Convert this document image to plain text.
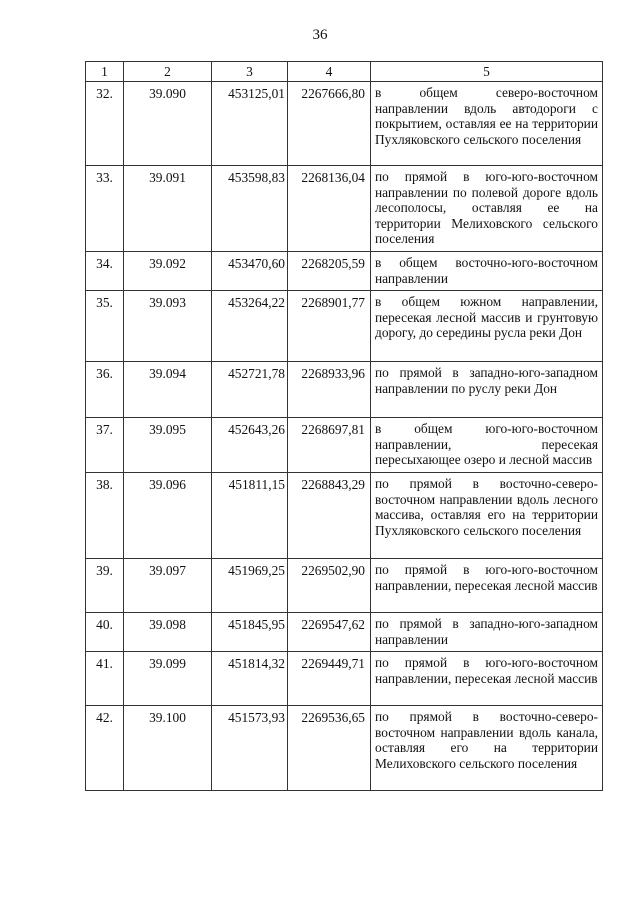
36
1	2	3	4	5
32.	39.090	453125,01	2267666,80	в общем северо-восточном направлении вдоль автодороги с покрытием, оставляя ее на территории Пухляковского сельского поселения
33.	39.091	453598,83	2268136,04	по прямой в юго-юго-восточном направлении по полевой дороге вдоль лесополосы, оставляя ее на территории Мелиховского сельского поселения
34.	39.092	453470,60	2268205,59	в общем восточно-юго-восточном направлении
35.	39.093	453264,22	2268901,77	в общем южном направлении, пересекая лесной массив и грунтовую дорогу, до середины русла реки Дон
36.	39.094	452721,78	2268933,96	по прямой в западно-юго-западном направлении по руслу реки Дон
37.	39.095	452643,26	2268697,81	в общем юго-юго-восточном направлении, пересекая пересыхающее озеро и лесной массив
38.	39.096	451811,15	2268843,29	по прямой в восточно-северо-восточном направлении вдоль лесного массива, оставляя его на территории Пухляковского сельского поселения
39.	39.097	451969,25	2269502,90	по прямой в юго-юго-восточном направлении, пересекая лесной массив
40.	39.098	451845,95	2269547,62	по прямой в западно-юго-западном направлении
41.	39.099	451814,32	2269449,71	по прямой в юго-юго-восточном направлении, пересекая лесной массив
42.	39.100	451573,93	2269536,65	по прямой в восточно-северо-восточном направлении вдоль канала, оставляя его на территории Мелиховского сельского поселения
